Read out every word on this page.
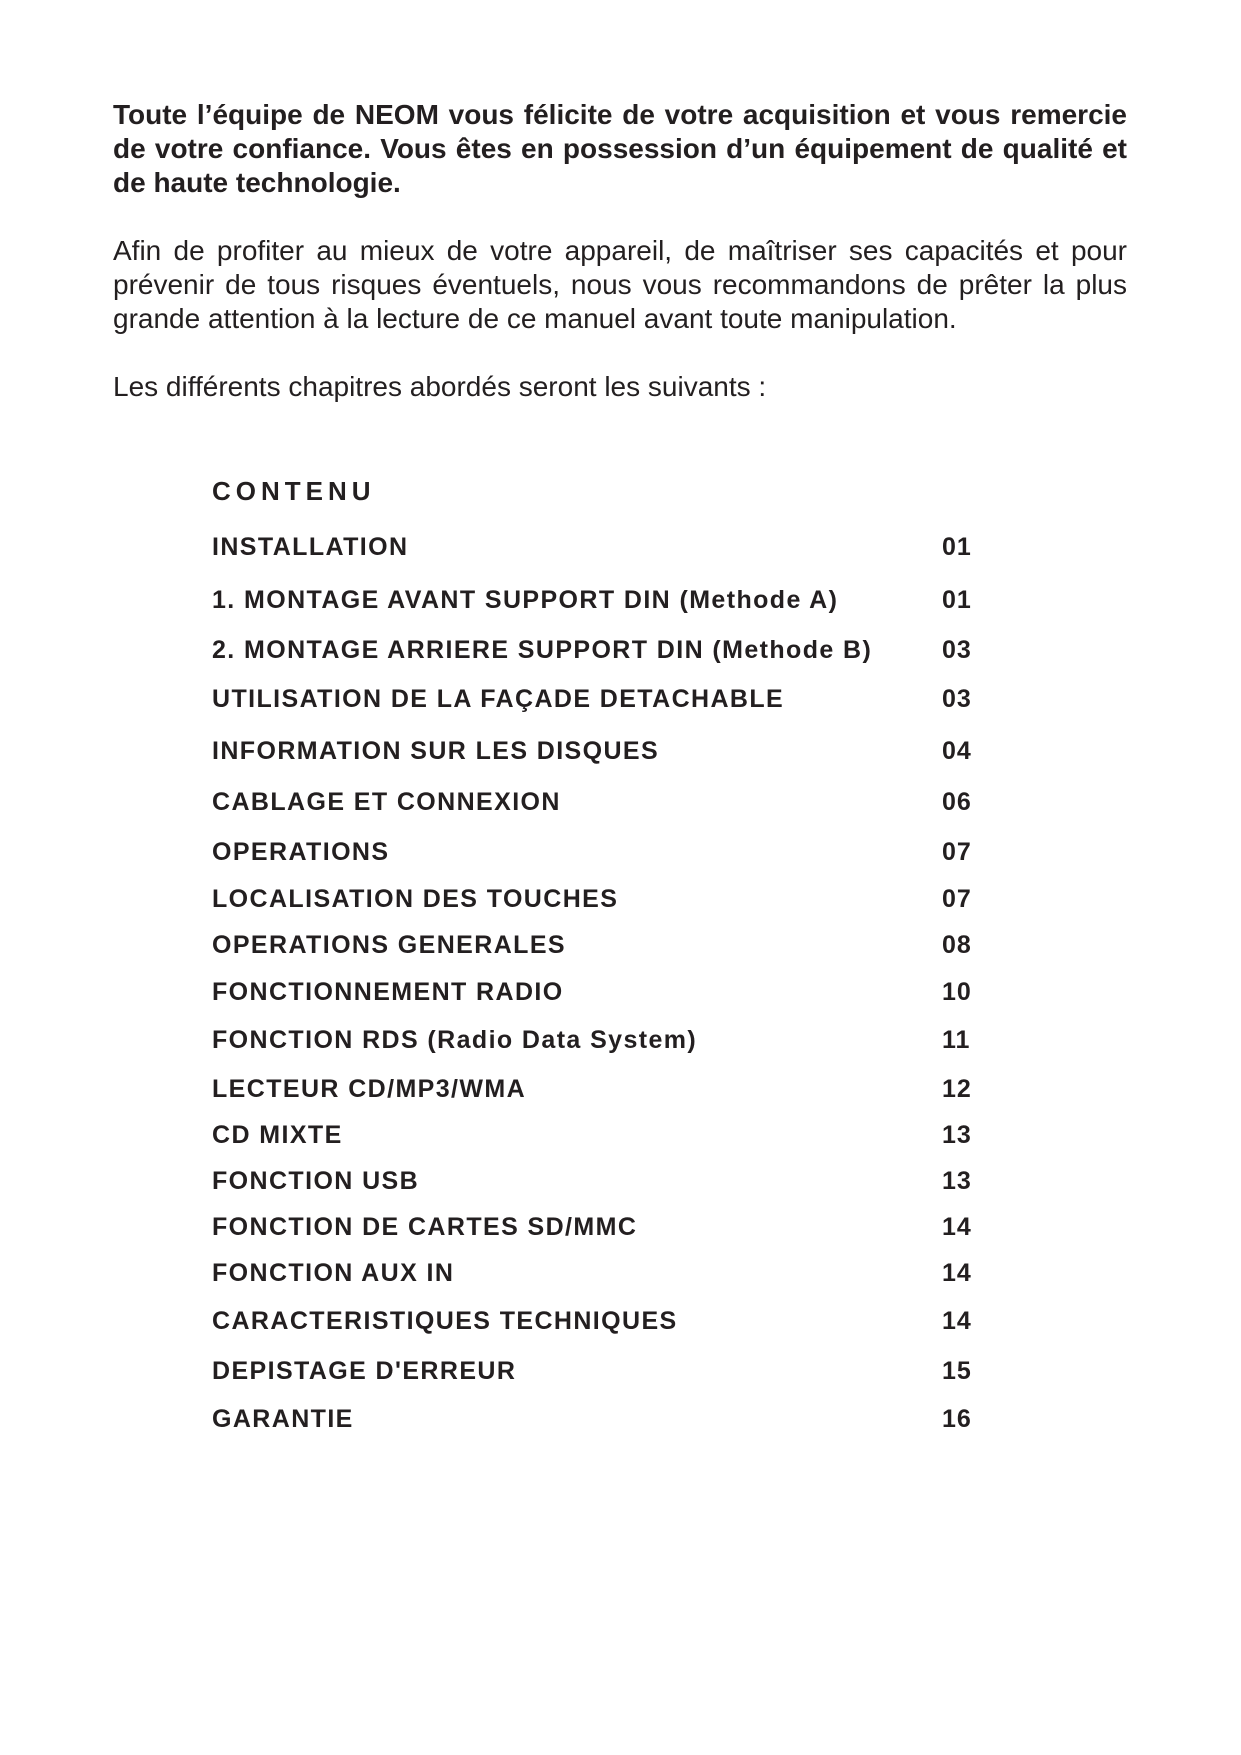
Toute l’équipe de NEOM vous félicite de votre acquisition et vous remercie de votre confiance. Vous êtes en possession d’un équipement de qualité et de haute technologie.

Afin de profiter au mieux de votre appareil, de maîtriser ses capacités et pour prévenir de tous risques éventuels, nous vous recommandons de prêter la plus grande attention à la lecture de ce manuel avant toute manipulation.

Les différents chapitres abordés seront les suivants :

CONTENU
INSTALLATION	01
1. MONTAGE AVANT SUPPORT DIN (Methode A)	01
2. MONTAGE ARRIERE SUPPORT DIN (Methode B)	03
UTILISATION DE LA FAÇADE DETACHABLE	03
INFORMATION SUR LES DISQUES	04
CABLAGE ET CONNEXION	06
OPERATIONS	07
LOCALISATION DES TOUCHES	07
OPERATIONS GENERALES	08
FONCTIONNEMENT RADIO	10
FONCTION RDS (Radio Data System)	11
LECTEUR CD/MP3/WMA	12
CD MIXTE	13
FONCTION USB	13
FONCTION DE CARTES SD/MMC	14
FONCTION AUX IN	14
CARACTERISTIQUES TECHNIQUES	14
DEPISTAGE D'ERREUR	15
GARANTIE	16
